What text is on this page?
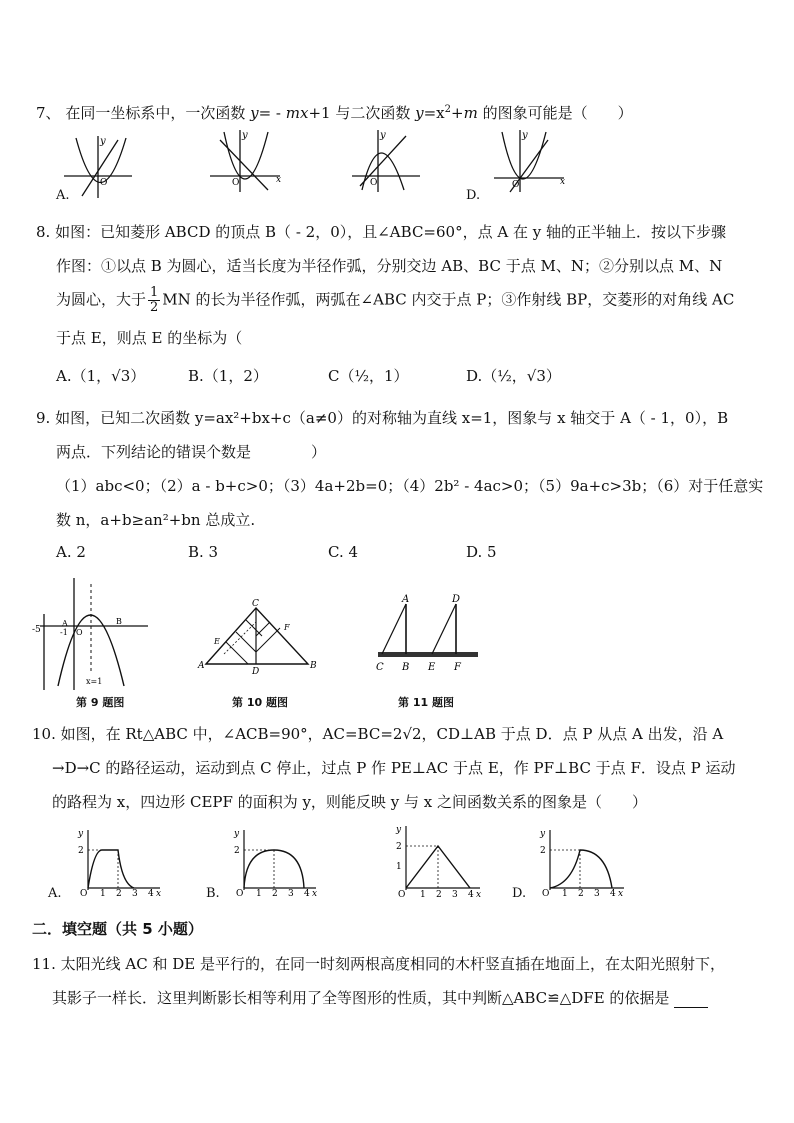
7、 在同一坐标系中，一次函数 y= - mx+1 与二次函数 $y=x^2+m$ 的图象可能是（　　）
y
O
A.
y
O	x
y
O
y
O	x
D.
8. 如图：已知菱形 ABCD 的顶点 B（ - 2，0），且∠ABC=60°，点 A 在 y 轴的正半轴上．按以下步骤
作图：①以点 B 为圆心，适当长度为半径作弧，分别交边 AB、BC 于点 M、N；②分别以点 M、N
为圆心，大于 $\frac{1}{2}$ MN 的长为半径作弧，两弧在∠ABC 内交于点 P；③作射线 BP，交菱形的对角线 AC
于点 E，则点 E 的坐标为（
A.（1，√3）	B.（1，2）	C（½，1）	D.（½，√3）
9. 如图，已知二次函数 y=ax²+bx+c（a≠0）的对称轴为直线 x=1，图象与 x 轴交于 A（ - 1，0），B
两点．下列结论的错误个数是　　　　）
（1）abc<0；（2）a - b+c>0；（3）4a+2b=0；（4）2b² - 4ac>0；（5）9a+c>3b；（6）对于任意实
数 n，a+b≥an²+bn 总成立.
A. 2	B. 3	C. 4	D. 5
-5
A
-1 O
B
x=1
第 9 题图
C
A	B
D
E
F
第 10 题图
A	D
C B E F
第 11 题图
10. 如图，在 Rt△ABC 中，∠ACB=90°，AC=BC=2√2，CD⊥AB 于点 D．点 P 从点 A 出发，沿 A
→D→C 的路径运动，运动到点 C 停止，过点 P 作 PE⊥AC 于点 E，作 PF⊥BC 于点 F．设点 P 运动
的路程为 x，四边形 CEPF 的面积为 y，则能反映 y 与 x 之间函数关系的图象是（　　）
y
2
O 1 2 3 4 x
A.
y
2
O 1 2 3 4 x
B.
y
2
1
O 1 2 3 4 x
y
2
O 1 2 3 4 x
D.
二．填空题（共 5 小题）
11. 太阳光线 AC 和 DE 是平行的，在同一时刻两根高度相同的木杆竖直插在地面上，在太阳光照射下，
其影子一样长．这里判断影长相等利用了全等图形的性质，其中判断△ABC≌△DFE 的依据是
